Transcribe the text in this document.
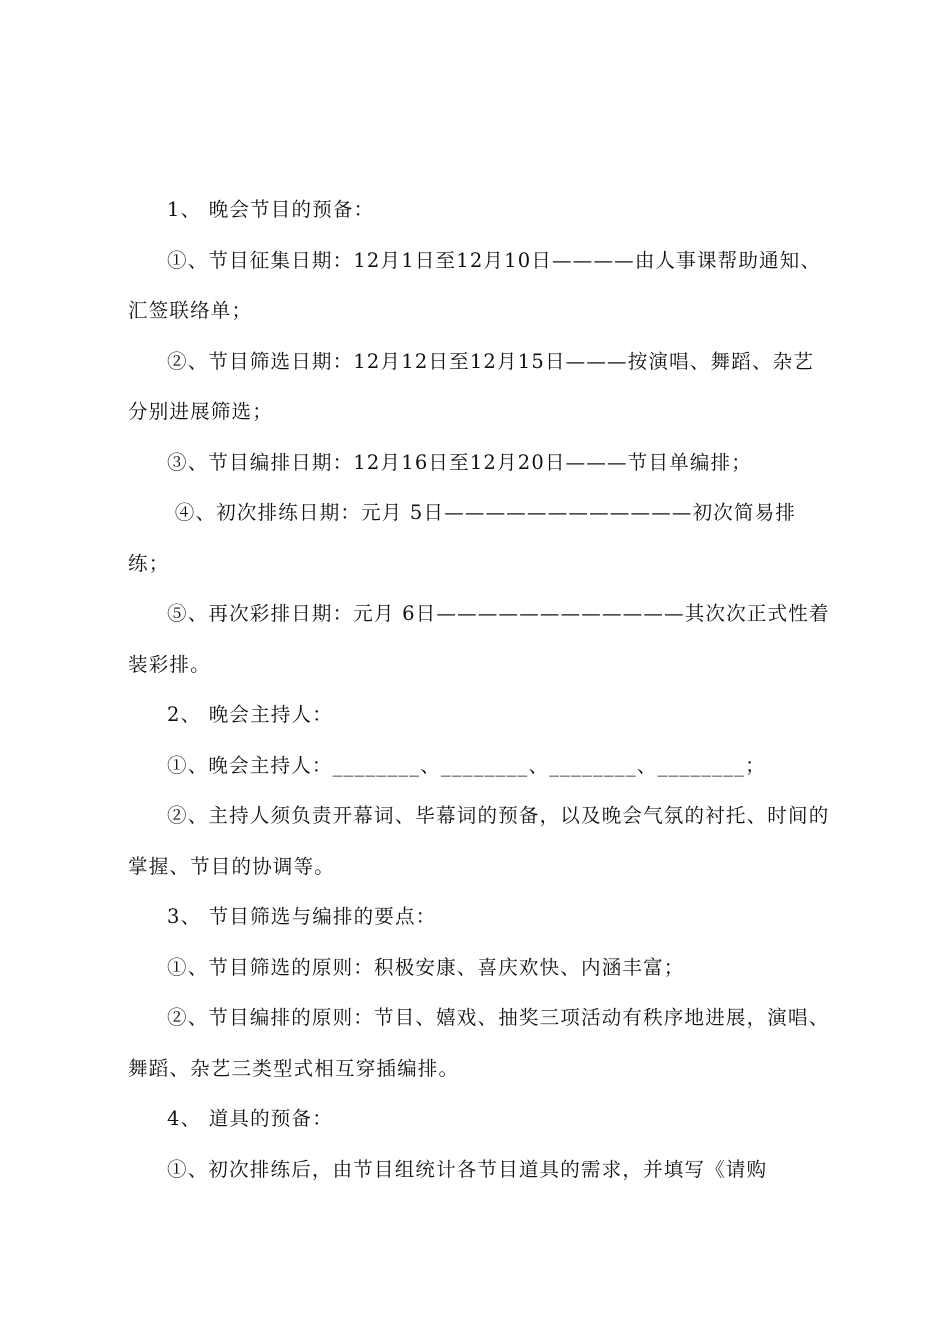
1、 晚会节目的预备：

①、节目征集日期：12月1日至12月10日————由人事课帮助通知、汇签联络单；

②、节目筛选日期：12月12日至12月15日———按演唱、舞蹈、杂艺分别进展筛选；

③、节目编排日期：12月16日至12月20日———节目单编排；

④、初次排练日期：元月 5日————————————初次简易排练；

⑤、再次彩排日期：元月 6日————————————其次次正式性着装彩排。

2、 晚会主持人：

①、晚会主持人：________、________、________、________；

②、主持人须负责开幕词、毕幕词的预备，以及晚会气氛的衬托、时间的掌握、节目的协调等。

3、 节目筛选与编排的要点：

①、节目筛选的原则：积极安康、喜庆欢快、内涵丰富；

②、节目编排的原则：节目、嬉戏、抽奖三项活动有秩序地进展，演唱、舞蹈、杂艺三类型式相互穿插编排。

4、 道具的预备：

①、初次排练后，由节目组统计各节目道具的需求，并填写《请购
